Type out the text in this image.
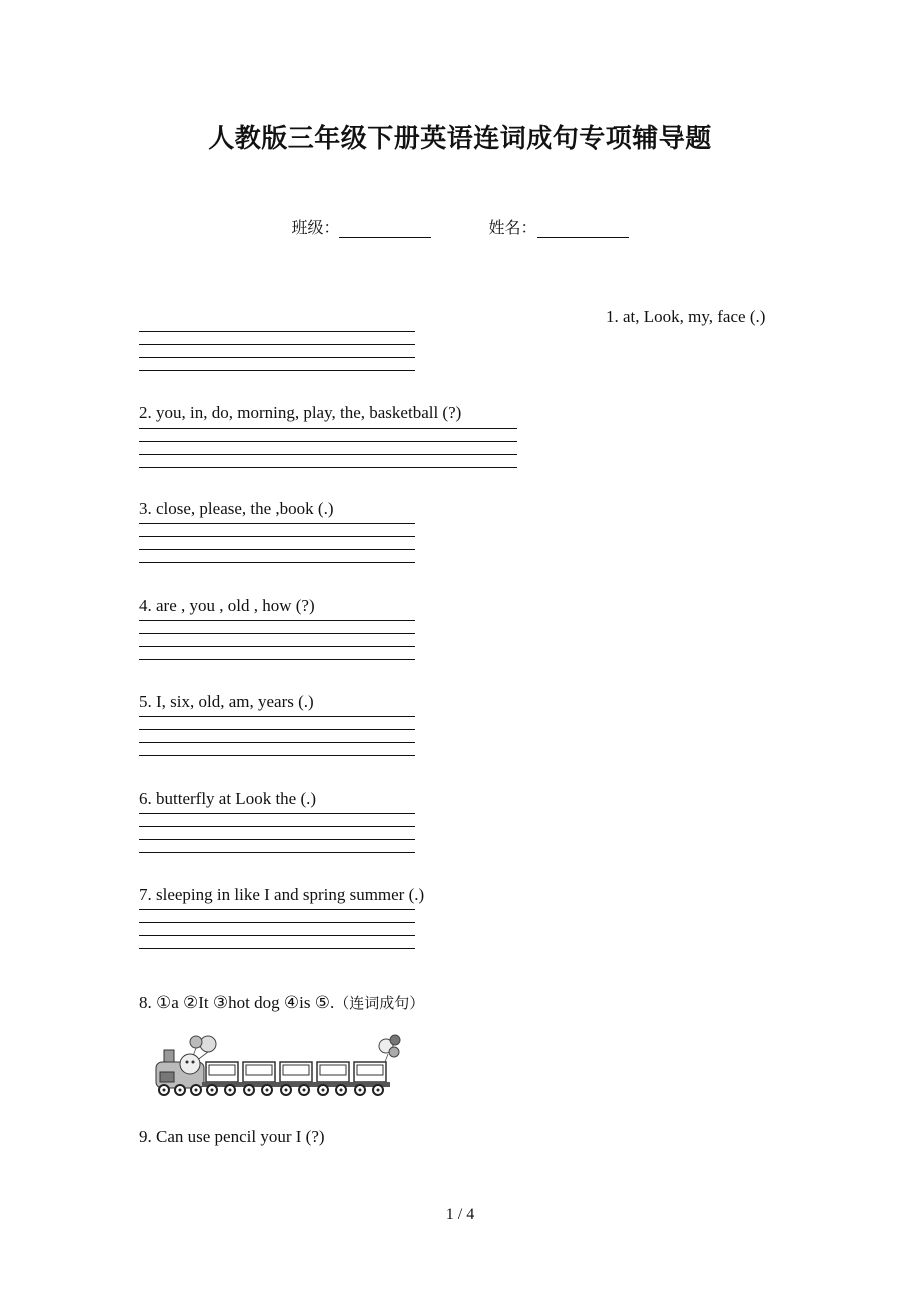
人教版三年级下册英语连词成句专项辅导题
班级：	姓名：
1. at, Look, my, face (.)
2. you, in, do, morning, play, the, basketball (?)
3. close, please, the ,book (.)
4. are , you , old , how (?)
5. I, six, old, am, years (.)
6. butterfly at Look the (.)
7. sleeping in like I and spring summer (.)
8. ①a ②It ③hot dog ④is ⑤.（连词成句）
9. Can use pencil your I (?)
1 / 4
